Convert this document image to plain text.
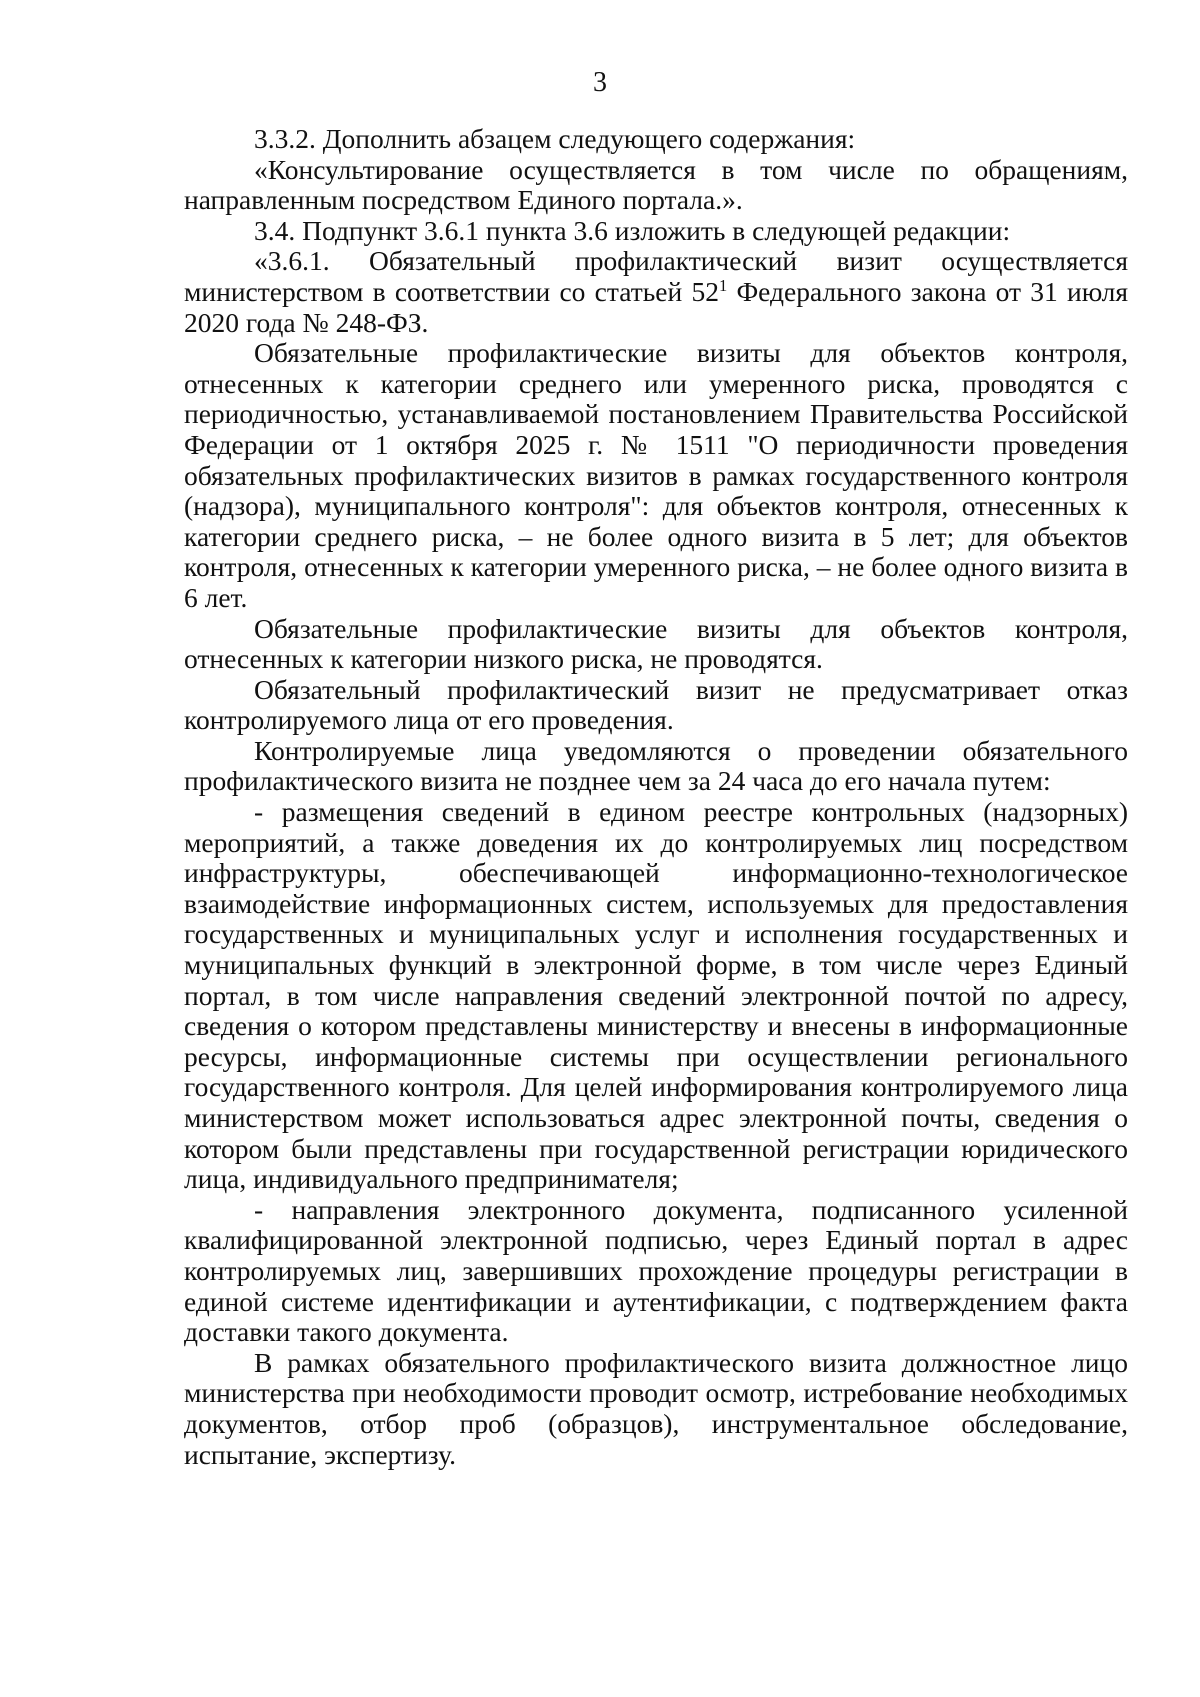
3

3.3.2. Дополнить абзацем следующего содержания:

«Консультирование осуществляется в том числе по обращениям, направленным посредством Единого портала.».

3.4. Подпункт 3.6.1 пункта 3.6 изложить в следующей редакции:

«3.6.1. Обязательный профилактический визит осуществляется министерством в соответствии со статьей $52^1$ Федерального закона от 31 июля 2020 года № 248-ФЗ.

Обязательные профилактические визиты для объектов контроля, отнесенных к категории среднего или умеренного риска, проводятся с периодичностью, устанавливаемой постановлением Правительства Российской Федерации от 1 октября 2025 г. № 1511 "О периодичности проведения обязательных профилактических визитов в рамках государственного контроля (надзора), муниципального контроля": для объектов контроля, отнесенных к категории среднего риска, – не более одного визита в 5 лет; для объектов контроля, отнесенных к категории умеренного риска, – не более одного визита в 6 лет.

Обязательные профилактические визиты для объектов контроля, отнесенных к категории низкого риска, не проводятся.

Обязательный профилактический визит не предусматривает отказ контролируемого лица от его проведения.

Контролируемые лица уведомляются о проведении обязательного профилактического визита не позднее чем за 24 часа до его начала путем:

- размещения сведений в едином реестре контрольных (надзорных) мероприятий, а также доведения их до контролируемых лиц посредством инфраструктуры, обеспечивающей информационно-технологическое взаимодействие информационных систем, используемых для предоставления государственных и муниципальных услуг и исполнения государственных и муниципальных функций в электронной форме, в том числе через Единый портал, в том числе направления сведений электронной почтой по адресу, сведения о котором представлены министерству и внесены в информационные ресурсы, информационные системы при осуществлении регионального государственного контроля. Для целей информирования контролируемого лица министерством может использоваться адрес электронной почты, сведения о котором были представлены при государственной регистрации юридического лица, индивидуального предпринимателя;

- направления электронного документа, подписанного усиленной квалифицированной электронной подписью, через Единый портал в адрес контролируемых лиц, завершивших прохождение процедуры регистрации в единой системе идентификации и аутентификации, с подтверждением факта доставки такого документа.

В рамках обязательного профилактического визита должностное лицо министерства при необходимости проводит осмотр, истребование необходимых документов, отбор проб (образцов), инструментальное обследование, испытание, экспертизу.
